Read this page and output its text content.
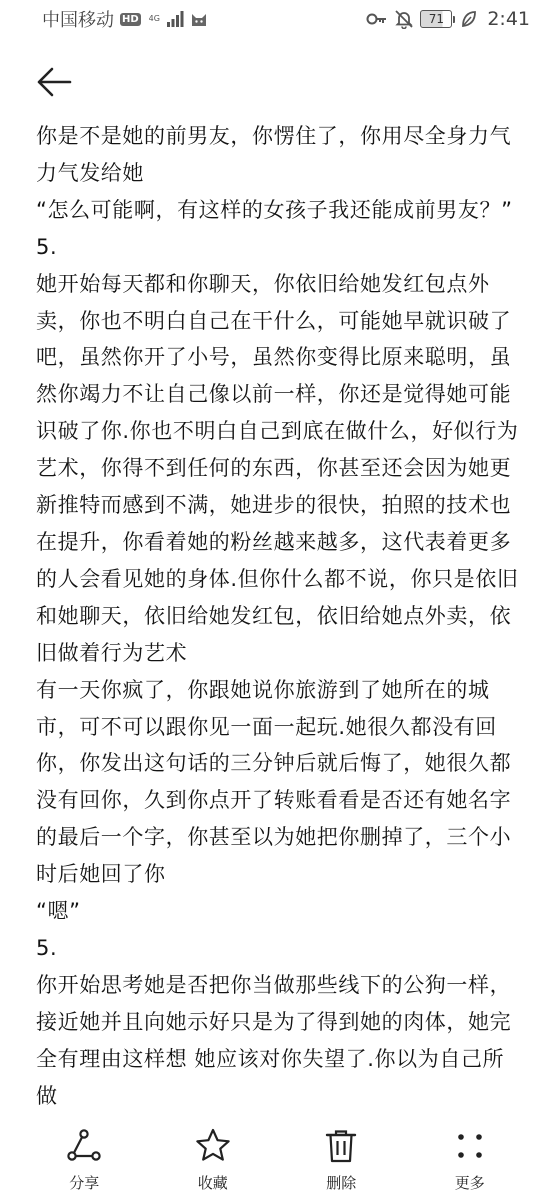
中国移动 HD 4G	71	2:41

你是不是她的前男友，你愣住了，你用尽全身力气力气发给她

“怎么可能啊，有这样的女孩子我还能成前男友？”

5.

她开始每天都和你聊天，你依旧给她发红包点外卖，你也不明白自己在干什么，可能她早就识破了吧，虽然你开了小号，虽然你变得比原来聪明，虽然你竭力不让自己像以前一样，你还是觉得她可能识破了你.你也不明白自己到底在做什么，好似行为艺术，你得不到任何的东西，你甚至还会因为她更新推特而感到不满，她进步的很快，拍照的技术也在提升，你看着她的粉丝越来越多，这代表着更多的人会看见她的身体.但你什么都不说，你只是依旧和她聊天，依旧给她发红包，依旧给她点外卖，依旧做着行为艺术

有一天你疯了，你跟她说你旅游到了她所在的城市，可不可以跟你见一面一起玩.她很久都没有回你，你发出这句话的三分钟后就后悔了，她很久都没有回你，久到你点开了转账看看是否还有她名字的最后一个字，你甚至以为她把你删掉了，三个小时后她回了你

“嗯”

5.

你开始思考她是否把你当做那些线下的公狗一样，接近她并且向她示好只是为了得到她的肉体，她完全有理由这样想 她应该对你失望了.你以为自己所做

分享	收藏	删除	更多
